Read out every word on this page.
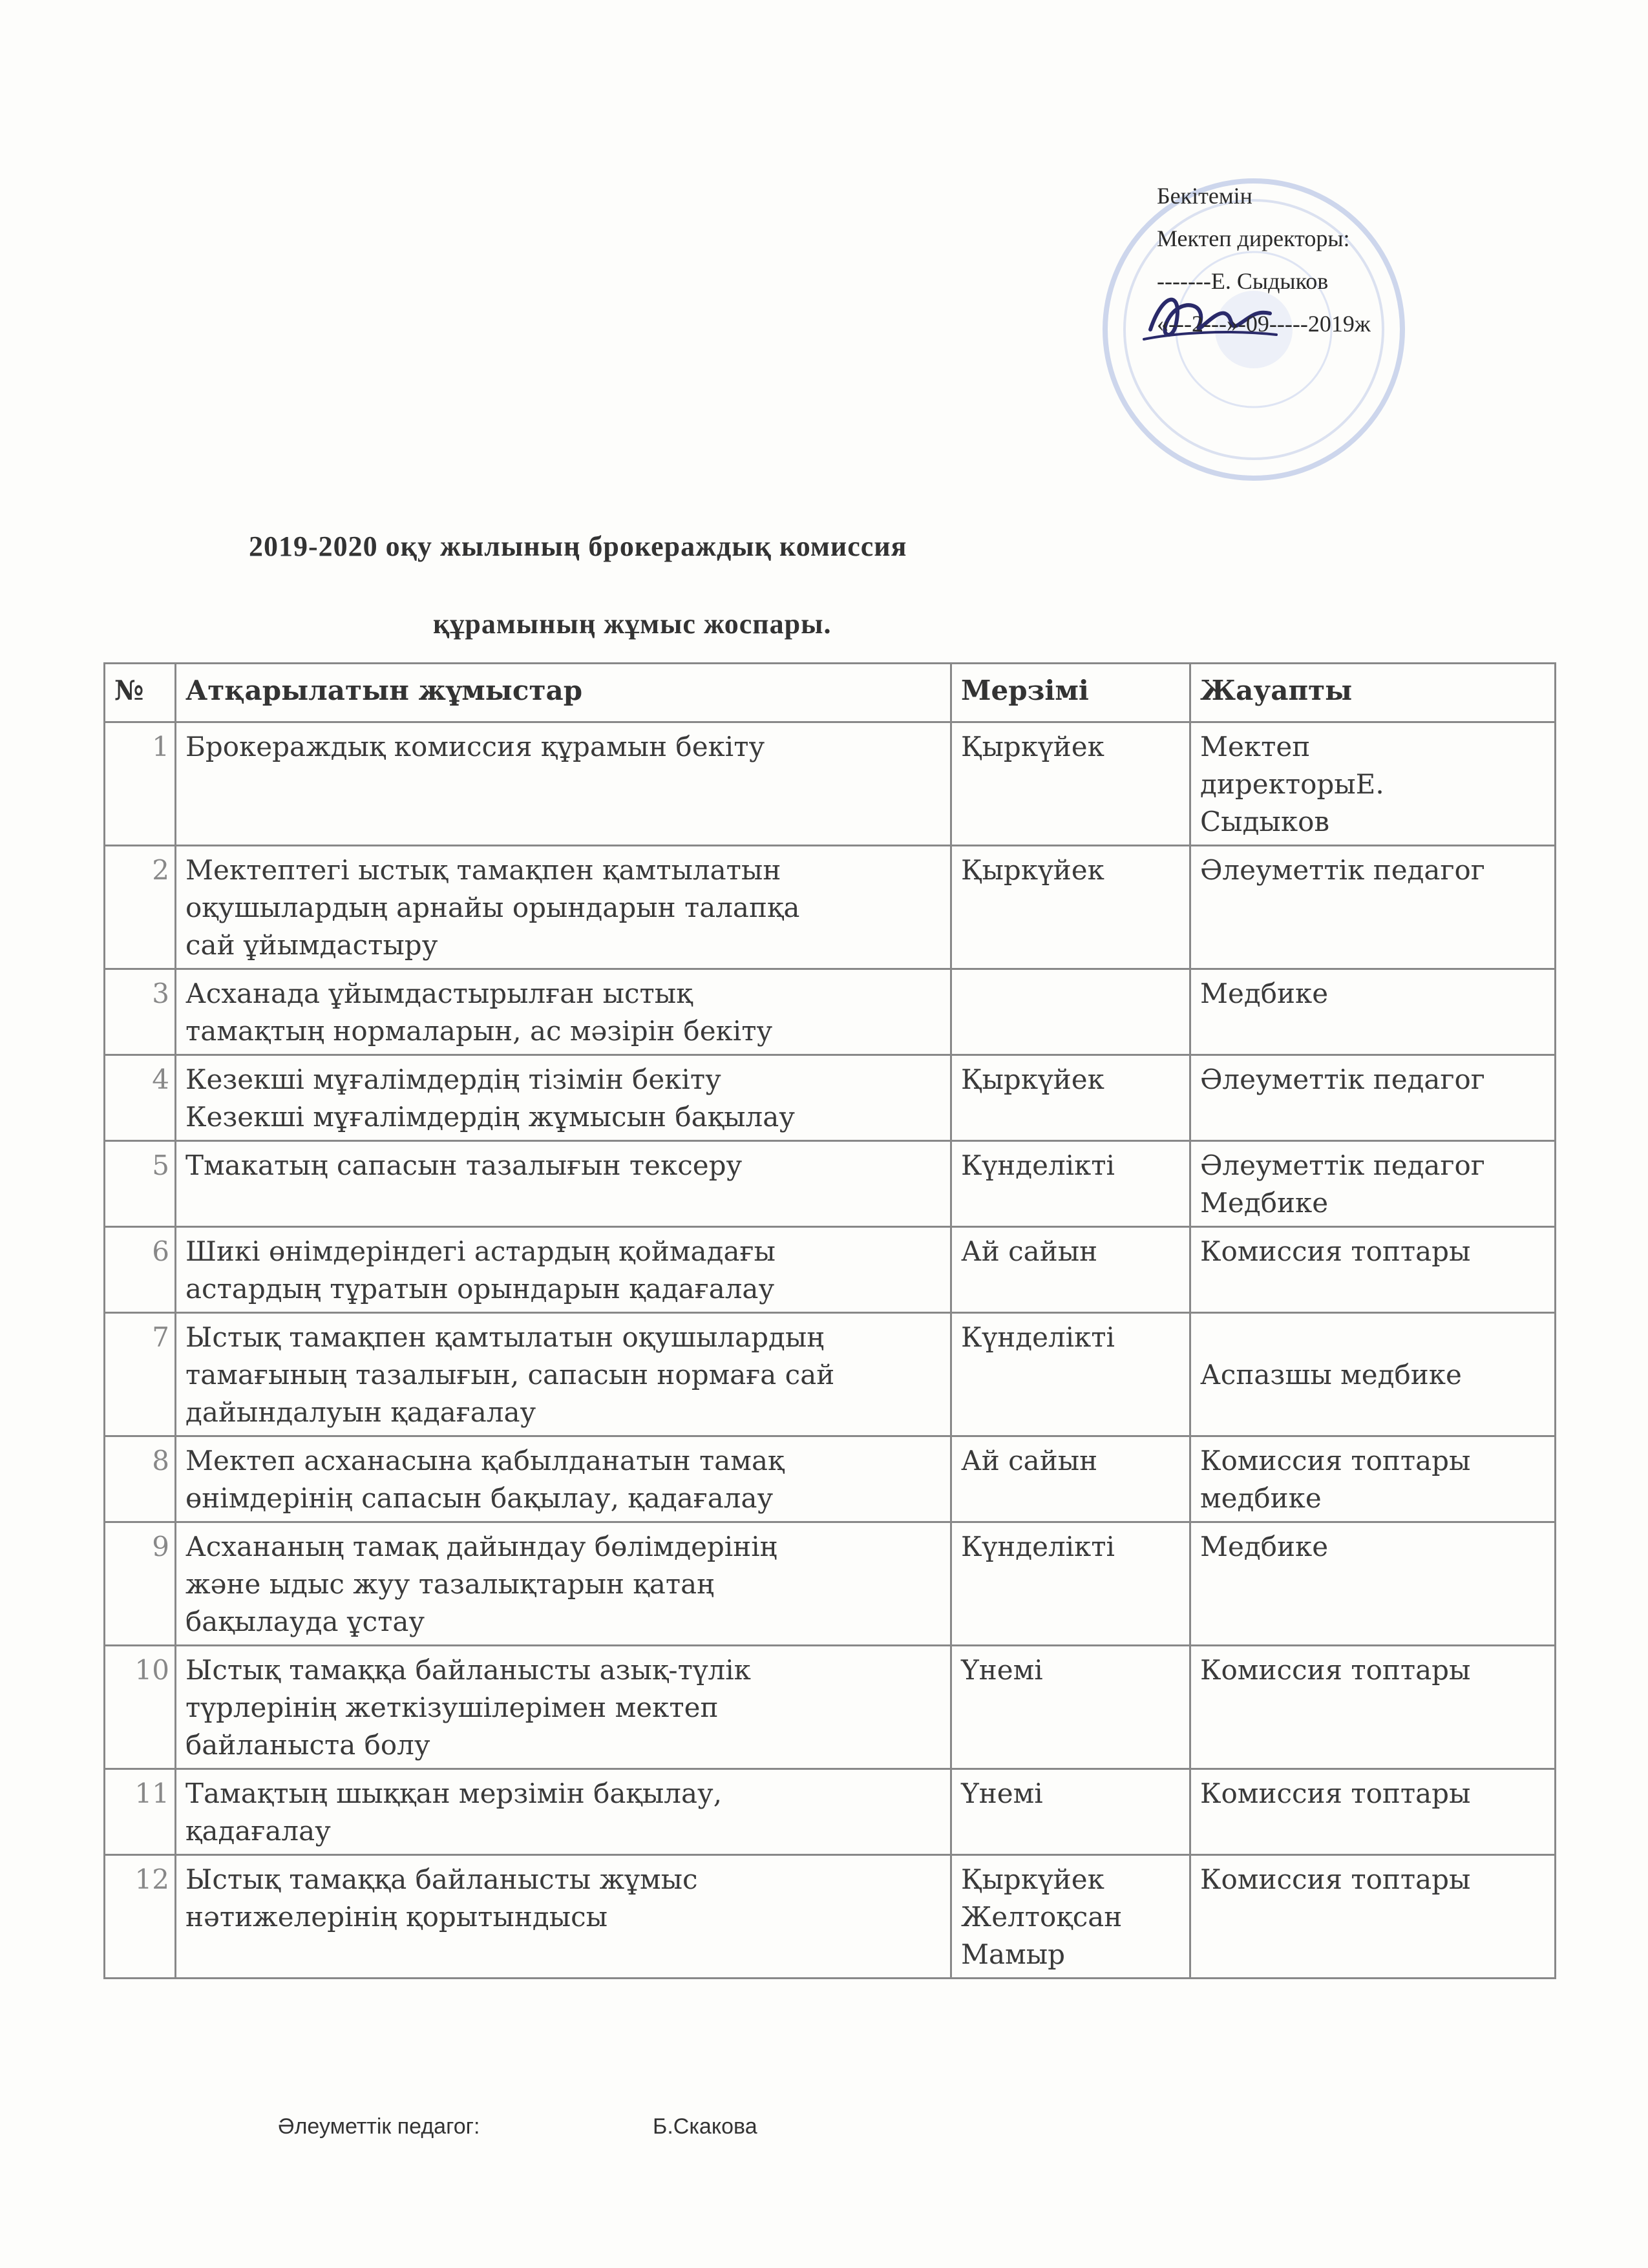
Бекітемін
Мектеп директоры:
-------Е. Сыдыков
«---2---»-09-----2019ж
2019-2020 оқу жылының брокераждық комиссия
құрамының жұмыс жоспары.
№	Атқарылатын жұмыстар	Мерзімі	Жауапты
1	Брокераждық комиссия құрамын бекіту	Қыркүйек	Мектеп
директорыЕ.
Сыдыков

2	Мектептегі ыстық тамақпен қамтылатын
оқушылардың арнайы орындарын талапқа
сай ұйымдастыру	Қыркүйек	Әлеуметтік педагог

3	Асханада ұйымдастырылған ыстық
тамақтың нормаларын, ас мәзірін бекіту		Медбике

4	Кезекші мұғалімдердің тізімін бекіту
Кезекші мұғалімдердің жұмысын бақылау	Қыркүйек	Әлеуметтік педагог

5	Тмакатың сапасын тазалығын тексеру	Күнделікті	Әлеуметтік педагог
Медбике

6	Шикі өнімдеріндегі астардың қоймадағы
астардың тұратын орындарын қадағалау	Ай сайын	Комиссия топтары

7	Ыстық тамақпен қамтылатын оқушылардың
тамағының тазалығын, сапасын нормаға сай
дайындалуын қадағалау	Күнделікті	Аспазшы медбике

8	Мектеп асханасына қабылданатын тамақ
өнімдерінің сапасын бақылау, қадағалау	Ай сайын	Комиссия топтары
медбике

9	Асхананың тамақ дайындау бөлімдерінің
және ыдыс жуу тазалықтарын қатаң
бақылауда ұстау	Күнделікті	Медбике

10	Ыстық тамаққа байланысты азық-түлік
түрлерінің жеткізушілерімен мектеп
байланыста болу	Үнемі	Комиссия топтары

11	Тамақтың шыққан мерзімін бақылау,
қадағалау	Үнемі	Комиссия топтары

12	Ыстық тамаққа байланысты жұмыс
нәтижелерінің қорытындысы	Қыркүйек
Желтоқсан
Мамыр	Комиссия топтары
Әлеуметтік педагог:	Б.Скакова
